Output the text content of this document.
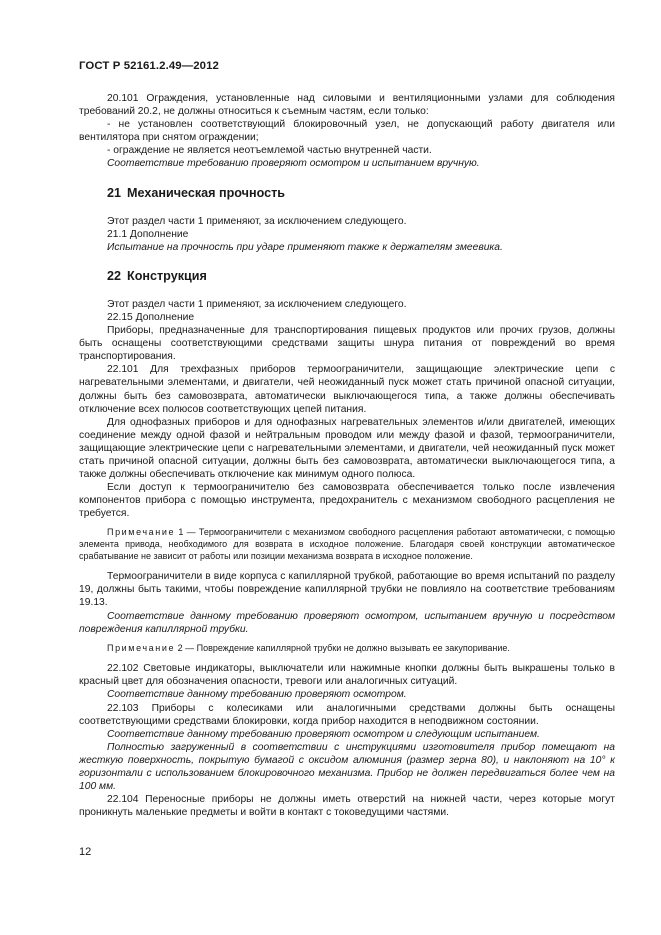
ГОСТ Р 52161.2.49—2012

20.101 Ограждения, установленные над силовыми и вентиляционными узлами для соблюдения требований 20.2, не должны относиться к съемным частям, если только:

- не установлен соответствующий блокировочный узел, не допускающий работу двигателя или вентилятора при снятом ограждении;

- ограждение не является неотъемлемой частью внутренней части.

Соответствие требованию проверяют осмотром и испытанием вручную.

21 Механическая прочность

Этот раздел части 1 применяют, за исключением следующего.

21.1 Дополнение

Испытание на прочность при ударе применяют также к держателям змеевика.

22 Конструкция

Этот раздел части 1 применяют, за исключением следующего.

22.15 Дополнение

Приборы, предназначенные для транспортирования пищевых продуктов или прочих грузов, должны быть оснащены соответствующими средствами защиты шнура питания от повреждений во время транспортирования.

22.101 Для трехфазных приборов термоограничители, защищающие электрические цепи с нагревательными элементами, и двигатели, чей неожиданный пуск может стать причиной опасной ситуации, должны быть без самовозврата, автоматически выключающегося типа, а также должны обеспечивать отключение всех полюсов соответствующих цепей питания.

Для однофазных приборов и для однофазных нагревательных элементов и/или двигателей, имеющих соединение между одной фазой и нейтральным проводом или между фазой и фазой, термоограничители, защищающие электрические цепи с нагревательными элементами, и двигатели, чей неожиданный пуск может стать причиной опасной ситуации, должны быть без самовозврата, автоматически выключающегося типа, а также должны обеспечивать отключение как минимум одного полюса.

Если доступ к термоограничителю без самовозврата обеспечивается только после извлечения компонентов прибора с помощью инструмента, предохранитель с механизмом свободного расцепления не требуется.

Примечание 1 — Термоограничители с механизмом свободного расцепления работают автоматически, с помощью элемента привода, необходимого для возврата в исходное положение. Благодаря своей конструкции автоматическое срабатывание не зависит от работы или позиции механизма возврата в исходное положение.

Термоограничители в виде корпуса с капиллярной трубкой, работающие во время испытаний по разделу 19, должны быть такими, чтобы повреждение капиллярной трубки не повлияло на соответствие требованиям 19.13.

Соответствие данному требованию проверяют осмотром, испытанием вручную и посредством повреждения капиллярной трубки.

Примечание 2 — Повреждение капиллярной трубки не должно вызывать ее закупоривание.

22.102 Световые индикаторы, выключатели или нажимные кнопки должны быть выкрашены только в красный цвет для обозначения опасности, тревоги или аналогичных ситуаций.

Соответствие данному требованию проверяют осмотром.

22.103 Приборы с колесиками или аналогичными средствами должны быть оснащены соответствующими средствами блокировки, когда прибор находится в неподвижном состоянии.

Соответствие данному требованию проверяют осмотром и следующим испытанием.

Полностью загруженный в соответствии с инструкциями изготовителя прибор помещают на жесткую поверхность, покрытую бумагой с оксидом алюминия (размер зерна 80), и наклоняют на 10° к горизонтали с использованием блокировочного механизма. Прибор не должен передвигаться более чем на 100 мм.

22.104 Переносные приборы не должны иметь отверстий на нижней части, через которые могут проникнуть маленькие предметы и войти в контакт с токоведущими частями.

12
